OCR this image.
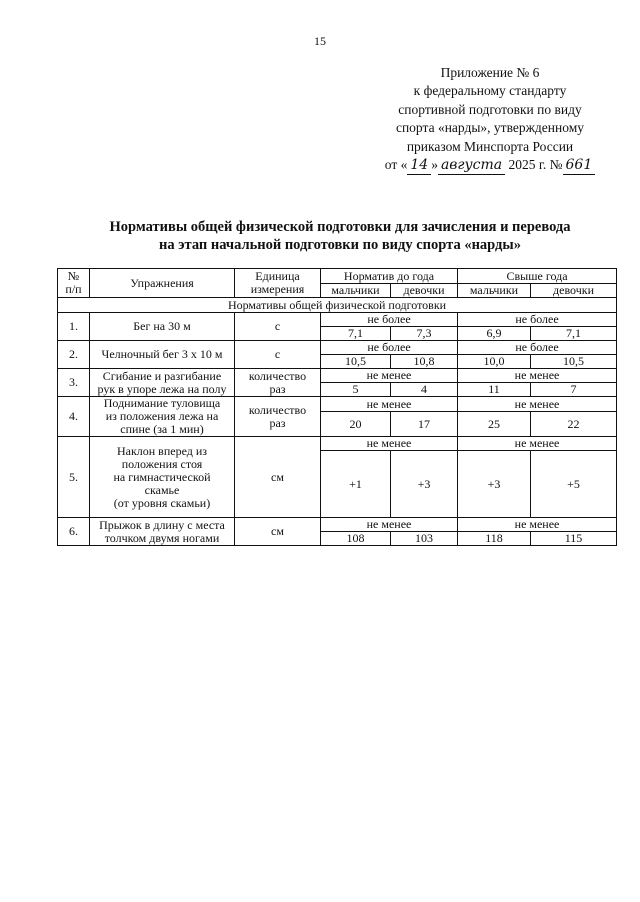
15
Приложение № 6
к федеральному стандарту
спортивной подготовки по виду
спорта «нарды», утвержденному
приказом Минспорта России
от « 14 » августа 2025 г. № 661
Нормативы общей физической подготовки для зачисления и перевода
на этап начальной подготовки по виду спорта «нарды»
№
п/п	Упражнения	Единица
измерения	Норматив до года		Свыше года	
			мальчики	девочки	мальчики	девочки
Нормативы общей физической подготовки						
1.	Бег на 30 м	с	не более		не более	
			7,1	7,3	6,9	7,1
2.	Челночный бег 3 х 10 м	с	не более		не более	
			10,5	10,8	10,0	10,5
3.	Сгибание и разгибание
рук в упоре лежа на полу	количество
раз	не менее		не менее	
			5	4	11	7
4.	Поднимание туловища
из положения лежа на
спине (за 1 мин)	количество
раз	не менее		не менее	
			20	17	25	22
5.	Наклон вперед из
положения стоя
на гимнастической
скамье
(от уровня скамьи)	см	не менее		не менее	
			+1	+3	+3	+5
6.	Прыжок в длину с места
толчком двумя ногами	см	не менее		не менее	
			108	103	118	115
